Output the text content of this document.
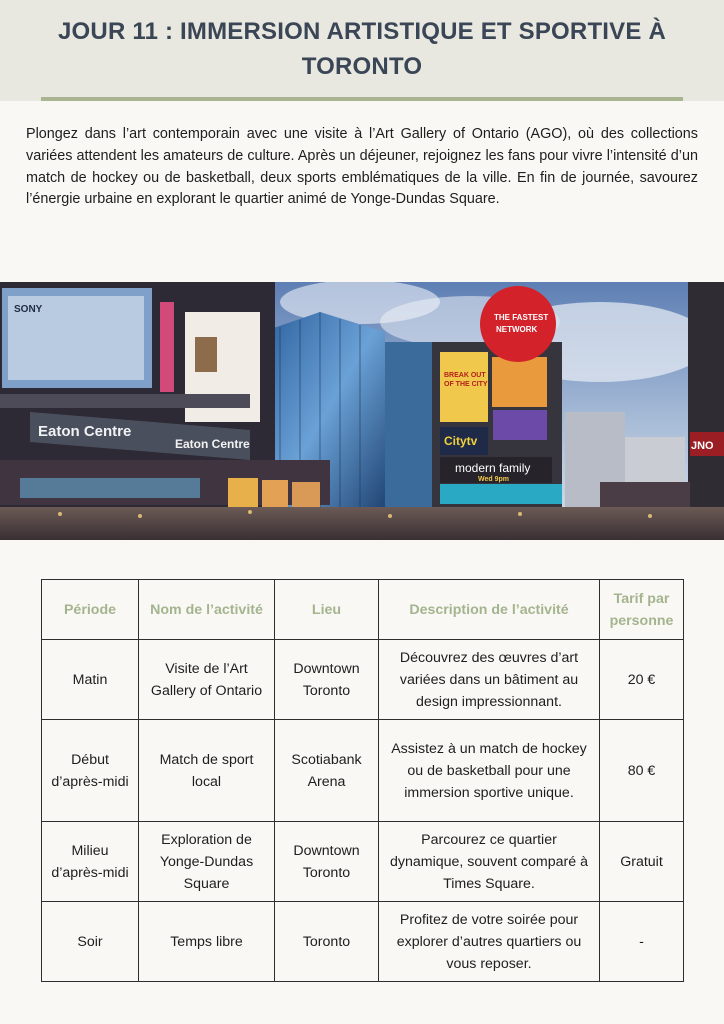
JOUR 11 : IMMERSION ARTISTIQUE ET SPORTIVE À TORONTO

Plongez dans l’art contemporain avec une visite à l’Art Gallery of Ontario (AGO), où des collections variées attendent les amateurs de culture. Après un déjeuner, rejoignez les fans pour vivre l’intensité d’un match de hockey ou de basketball, deux sports emblématiques de la ville. En fin de journée, savourez l’énergie urbaine en explorant le quartier animé de Yonge-Dundas Square.

SONY
Eaton Centre
Eaton Centre
BREAK OUT
OF THE CITY
THE FASTEST
NETWORK
Citytv
modern family
Wed 9pm
JNO
Période	Nom de l’activité	Lieu	Description de l’activité	Tarif par personne
Matin	Visite de l’Art Gallery of Ontario	Downtown Toronto	Découvrez des œuvres d’art variées dans un bâtiment au design impressionnant.	20 €
Début d’après-midi	Match de sport local	Scotiabank Arena	Assistez à un match de hockey ou de basketball pour une immersion sportive unique.	80 €
Milieu d’après-midi	Exploration de Yonge-Dundas Square	Downtown Toronto	Parcourez ce quartier dynamique, souvent comparé à Times Square.	Gratuit
Soir	Temps libre	Toronto	Profitez de votre soirée pour explorer d’autres quartiers ou vous reposer.	-
